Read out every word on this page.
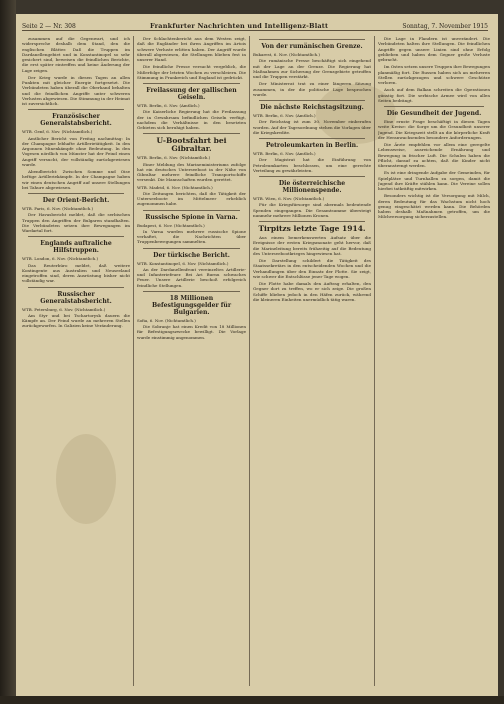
Seite 2 — Nr. 308	Frankfurter Nachrichten und Intelligenz-Blatt	Sonntag, 7. November 1915

zusammen auf die Gegenwart, und ich widerspreche deshalb dem Stand, den die englischen Blätter. Daß die Truppen im Dardanellengebiet und in Konstantinopel so sehr gesichert sind, beweisen die feindlichen Berichte, die erst später eintreffen und keine Änderung der Lage zeigen.

Der Krieg wurde in diesen Tagen an allen Punkten mit gleicher Energie fortgesetzt. Die Verbündeten haben überall die Oberhand behalten und die feindlichen Angriffe unter schweren Verlusten abgewiesen. Die Stimmung in der Heimat ist zuversichtlich.

Französischer Generalstabsbericht.
WTB. Genf, 6. Nov. (Nichtamtlich.)

Amtlicher Bericht von Freitag nachmittag: In der Champagne lebhafte Artillerietätigkeit. In den Argonnen Minenkämpfe ohne Bedeutung. In den Vogesen nördlich von Münster hat der Feind einen Angriff versucht, der vollständig zurückgewiesen wurde.

Abendbericht: Zwischen Somme und Oise heftige Artilleriekämpfe. In der Champagne haben wir einen deutschen Angriff auf unsere Stellungen bei Tahure abgewiesen.

Der Orient-Bericht.
WTB. Paris, 6. Nov. (Nichtamtlich.)

Der Havasbericht meldet, daß die serbischen Truppen den Angriffen der Bulgaren standhalten. Die Verbündeten setzen ihre Bewegungen im Wardartal fort.

Englands auftraliche Hilfstruppen.
WTB. London, 6. Nov. (Nichtamtlich.)

Das Reuterbüro meldet, daß weitere Kontingente aus Australien und Neuseeland eingetroffen sind, deren Ausrüstung bisher nicht vollständig war.

Russischer Generalstabsbericht.
WTB. Petersburg, 6. Nov. (Nichtamtlich.)

Am Styr und bei Tschartorysk dauern die Kämpfe an. Der Feind wurde an mehreren Stellen zurückgeworfen. In Galizien keine Veränderung.

Der Schlachtenbericht aus dem Westen zeigt, daß die Engländer bei ihren Angriffen im Artois schwere Verluste erlitten haben. Der Angriff wurde überall abgewiesen, die Stellungen blieben fest in unserer Hand.

Die feindliche Presse versucht vergeblich, die Mißerfolge der letzten Wochen zu verschleiern. Die Stimmung in Frankreich und England ist gedrückt.

Freilassung der gallischen Geiseln.
WTB. Berlin, 6. Nov. (Amtlich.)

Die Kaiserliche Regierung hat die Freilassung der in Gewahrsam befindlichen Geiseln verfügt, nachdem die Verhältnisse in den besetzten Gebieten sich beruhigt haben.

U-Bootsfahrt bei Gibraltar.
WTB. Berlin, 6. Nov. (Nichtamtlich.)

Einer Meldung des Marineministeriums zufolge hat ein deutsches Unterseeboot in der Nähe von Gibraltar mehrere feindliche Transportschiffe versenkt. Die Mannschaften wurden gerettet.

WTB. Madrid, 6. Nov. (Nichtamtlich.)

Die Zeitungen berichten, daß die Tätigkeit der Unterseeboote im Mittelmeer erheblich zugenommen habe.

Russische Spione in Varna.
Budapest, 6. Nov. (Nichtamtlich.)

In Varna wurden mehrere russische Spione verhaftet, die Nachrichten über Truppenbewegungen sammelten.

Der türkische Bericht.
WTB. Konstantinopel, 6. Nov. (Nichtamtlich.)

An der Dardanellenfront vereinzeltes Artillerie- und Infanteriefeuer. Bei Ari Burnu schwaches Feuer. Unsere Artillerie beschoß erfolgreich feindliche Stellungen.

18 Millionen Befestigungsgelder für Bulgarien.
Sofia, 6. Nov. (Nichtamtlich.)

Die Sobranje hat einen Kredit von 18 Millionen für Befestigungszwecke bewilligt. Die Vorlage wurde einstimmig angenommen.

Von der rumänischen Grenze.
Bukarest, 6. Nov. (Nichtamtlich.)

Die rumänische Presse beschäftigt sich eingehend mit der Lage an der Grenze. Die Regierung hat Maßnahmen zur Sicherung der Grenzgebiete getroffen und die Truppen verstärkt.

Der Ministerrat trat zu einer längeren Sitzung zusammen, in der die politische Lage besprochen wurde.

Die nächste Reichstagsitzung.
WTB. Berlin, 6. Nov. (Amtlich.)

Der Reichstag ist zum 30. November einberufen worden. Auf der Tagesordnung stehen die Vorlagen über die Kriegskredite.

Petroleumkarten in Berlin.
WTB. Berlin, 6. Nov. (Amtlich.)

Der Magistrat hat die Einführung von Petroleumkarten beschlossen, um eine gerechte Verteilung zu gewährleisten.

Die österreichische Millionenspende.
WTB. Wien, 6. Nov. (Nichtamtlich.)

Für die Kriegsfürsorge sind abermals bedeutende Spenden eingegangen. Die Gesamtsumme übersteigt nunmehr mehrere Millionen Kronen.

Tirpitzs letzte Tage 1914.

Aus einem bemerkenswerten Aufsatz über die Ereignisse der ersten Kriegsmonate geht hervor, daß die Marineleitung bereits frühzeitig auf die Bedeutung des Unterseebootkrieges hingewiesen hat.

Die Darstellung schildert die Tätigkeit des Staatssekretärs in den entscheidenden Wochen und die Verhandlungen über den Einsatz der Flotte. Sie zeigt, wie schwer die Entschlüsse jener Tage wogen.

Die Flotte habe damals den Auftrag erhalten, den Gegner dort zu treffen, wo er sich zeige. Die großen Schiffe blieben jedoch in den Häfen zurück, während die kleineren Einheiten unermüdlich tätig waren.

Die Lage in Flandern ist unverändert. Die Verbündeten halten ihre Stellungen. Die feindlichen Angriffe gegen unsere Linien sind ohne Erfolg geblieben und haben dem Gegner große Verluste gebracht.

Im Osten setzen unsere Truppen ihre Bewegungen planmäßig fort. Die Russen haben sich an mehreren Stellen zurückgezogen und schwere Geschütze verloren.

Auch auf dem Balkan schreiten die Operationen günstig fort. Die serbische Armee wird von allen Seiten bedrängt.

Die Gesundheit der Jugend.

Eine ernste Frage beschäftigt in diesen Tagen weite Kreise: die Sorge um die Gesundheit unserer Jugend. Die Kriegszeit stellt an die körperliche Kraft der Heranwachsenden besondere Anforderungen.

Die Ärzte empfehlen vor allem eine geregelte Lebensweise, ausreichende Ernährung und Bewegung in frischer Luft. Die Schulen haben die Pflicht, darauf zu achten, daß die Kinder nicht überanstrengt werden.

Es ist eine dringende Aufgabe der Gemeinden, für Spielplätze und Turnhallen zu sorgen, damit die Jugend ihre Kräfte stählen kann. Die Vereine sollen hierbei tatkräftig mitwirken.

Besonders wichtig ist die Versorgung mit Milch, deren Bedeutung für das Wachstum nicht hoch genug eingeschätzt werden kann. Die Behörden haben deshalb Maßnahmen getroffen, um die Milchversorgung sicherzustellen.
